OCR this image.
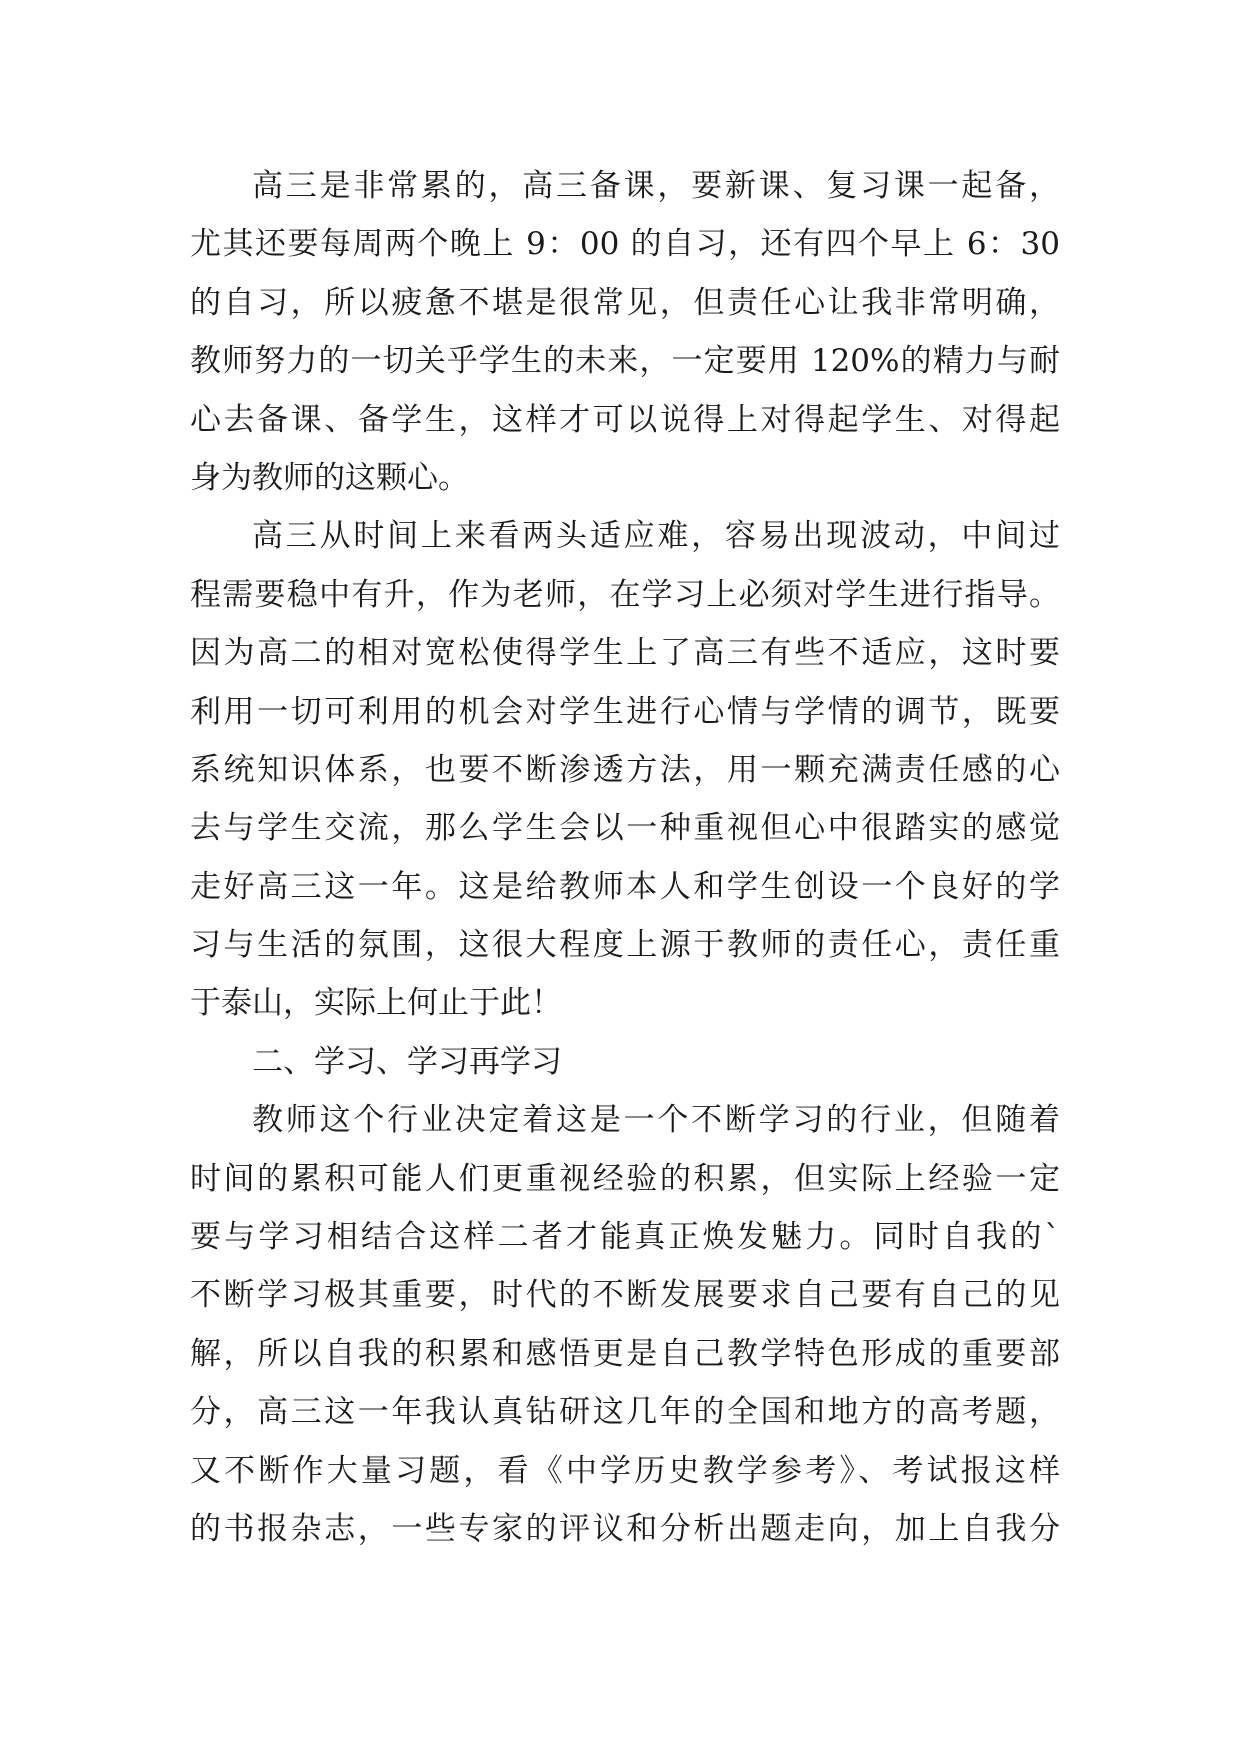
高三是非常累的，高三备课，要新课、复习课一起备，
尤其还要每周两个晚上 9：00 的自习，还有四个早上 6：30
的自习，所以疲惫不堪是很常见，但责任心让我非常明确，
教师努力的一切关乎学生的未来，一定要用 120%的精力与耐
心去备课、备学生，这样才可以说得上对得起学生、对得起
身为教师的这颗心。
高三从时间上来看两头适应难，容易出现波动，中间过
程需要稳中有升，作为老师，在学习上必须对学生进行指导。
因为高二的相对宽松使得学生上了高三有些不适应，这时要
利用一切可利用的机会对学生进行心情与学情的调节，既要
系统知识体系，也要不断渗透方法，用一颗充满责任感的心
去与学生交流，那么学生会以一种重视但心中很踏实的感觉
走好高三这一年。这是给教师本人和学生创设一个良好的学
习与生活的氛围，这很大程度上源于教师的责任心，责任重
于泰山，实际上何止于此！
二、学习、学习再学习
教师这个行业决定着这是一个不断学习的行业，但随着
时间的累积可能人们更重视经验的积累，但实际上经验一定
要与学习相结合这样二者才能真正焕发魅力。同时自我的`
不断学习极其重要，时代的不断发展要求自己要有自己的见
解，所以自我的积累和感悟更是自己教学特色形成的重要部
分，高三这一年我认真钻研这几年的全国和地方的高考题，
又不断作大量习题，看《中学历史教学参考》、考试报这样
的书报杂志，一些专家的评议和分析出题走向，加上自我分
